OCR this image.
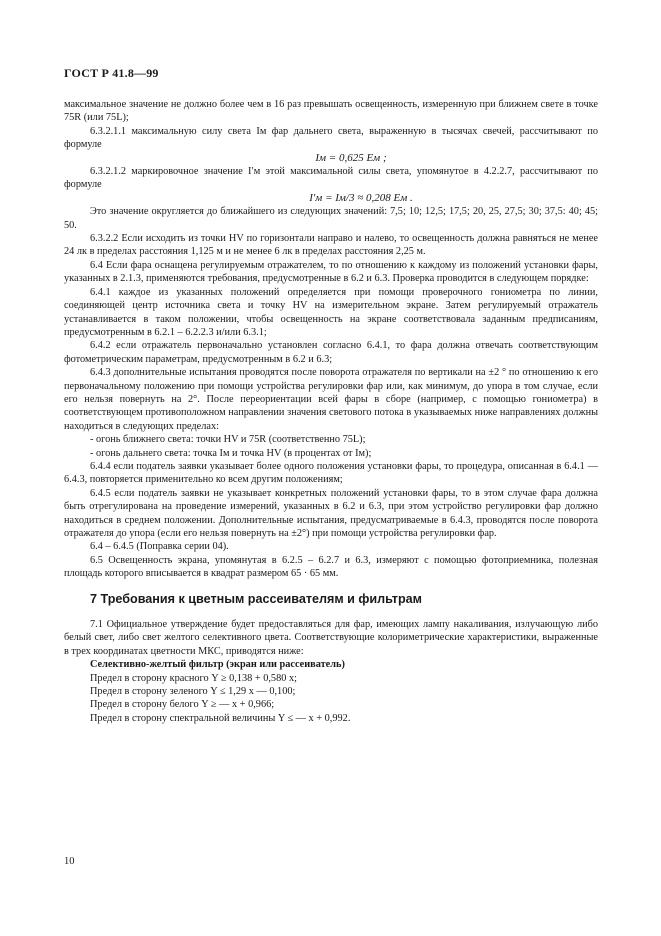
ГОСТ Р 41.8—99

максимальное значение не должно более чем в 16 раз превышать освещенность, измеренную при ближнем свете в точке 75R (или 75L);

6.3.2.1.1 максимальную силу света Iм фар дальнего света, выраженную в тысячах свечей, рассчитывают по формуле

Iм = 0,625 Eм ;

6.3.2.1.2 маркировочное значение I′м этой максимальной силы света, упомянутое в 4.2.2.7, рассчитывают по формуле

I′м = Iм/3 ≈ 0,208 Eм .

Это значение округляется до ближайшего из следующих значений: 7,5; 10; 12,5; 17,5; 20, 25, 27,5; 30; 37,5: 40; 45; 50.

6.3.2.2 Если исходить из точки HV по горизонтали направо и налево, то освещенность должна равняться не менее 24 лк в пределах расстояния 1,125 м и не менее 6 лк в пределах расстояния 2,25 м.

6.4 Если фара оснащена регулируемым отражателем, то по отношению к каждому из положений установки фары, указанных в 2.1.3, применяются требования, предусмотренные в 6.2 и 6.3. Проверка проводится в следующем порядке:

6.4.1 каждое из указанных положений определяется при помощи проверочного гониометра по линии, соединяющей центр источника света и точку HV на измерительном экране. Затем регулируемый отражатель устанавливается в таком положении, чтобы освещенность на экране соответствовала заданным предписаниям, предусмотренным в 6.2.1 – 6.2.2.3 и/или 6.3.1;

6.4.2 если отражатель первоначально установлен согласно 6.4.1, то фара должна отвечать соответствующим фотометрическим параметрам, предусмотренным в 6.2 и 6.3;

6.4.3 дополнительные испытания проводятся после поворота отражателя по вертикали на ±2 ° по отношению к его первоначальному положению при помощи устройства регулировки фар или, как минимум, до упора в том случае, если его нельзя повернуть на 2°. После переориентации всей фары в сборе (например, с помощью гониометра) в соответствующем противоположном направлении значения светового потока в указываемых ниже направлениях должны находиться в следующих пределах:

- огонь ближнего света: точки HV и 75R (соответственно 75L);

- огонь дальнего света: точка Iм и точка HV (в процентах от Iм);

6.4.4 если податель заявки указывает более одного положения установки фары, то процедура, описанная в 6.4.1 —6.4.3, повторяется применительно ко всем другим положениям;

6.4.5 если податель заявки не указывает конкретных положений установки фары, то в этом случае фара должна быть отрегулирована на проведение измерений, указанных в 6.2 и 6.3, при этом устройство регулировки фар должно находиться в среднем положении. Дополнительные испытания, предусматриваемые в 6.4.3, проводятся после поворота отражателя до упора (если его нельзя повернуть на ±2°) при помощи устройства регулировки фар.

6.4 – 6.4.5 (Поправка серии 04).

6.5 Освещенность экрана, упомянутая в 6.2.5 – 6.2.7 и 6.3, измеряют с помощью фотоприемника, полезная площадь которого вписывается в квадрат размером 65 · 65 мм.

7 Требования к цветным рассеивателям и фильтрам

7.1 Официальное утверждение будет предоставляться для фар, имеющих лампу накаливания, излучающую либо белый свет, либо свет желтого селективного цвета. Соответствующие колориметрические характеристики, выраженные в трех координатах цветности МКС, приводятся ниже:

Селективно-желтый фильтр (экран или рассеиватель)

Предел в сторону красного Y ≥ 0,138 + 0,580 x;

Предел в сторону зеленого Y ≤ 1,29 x — 0,100;

Предел в сторону белого Y ≥ — x + 0,966;

Предел в сторону спектральной величины Y ≤ — x + 0,992.

10
